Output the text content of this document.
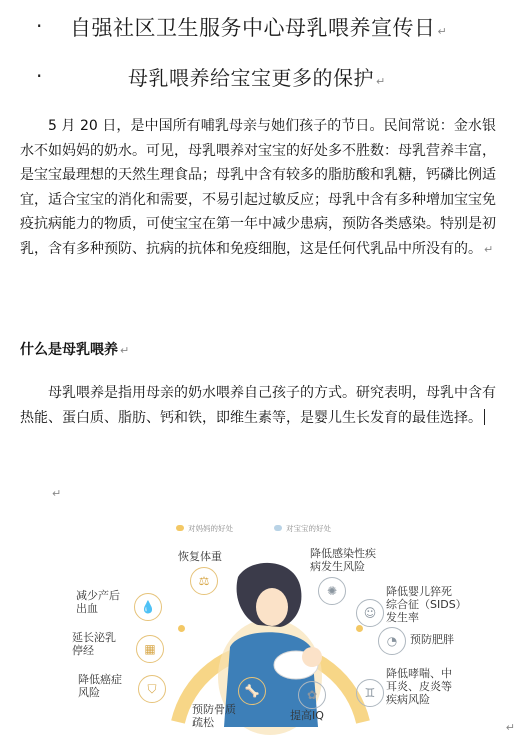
· 自强社区卫生服务中心母乳喂养宣传日 ↵
·	母乳喂养给宝宝更多的保护 ↵
5 月 20 日，是中国所有哺乳母亲与她们孩子的节日。民间常说：金水银水不如妈妈的奶水。可见，母乳喂养对宝宝的好处多不胜数：母乳营养丰富，是宝宝最理想的天然生理食品；母乳中含有较多的脂肪酸和乳糖，钙磷比例适宜，适合宝宝的消化和需要，不易引起过敏反应；母乳中含有多种增加宝宝免疫抗病能力的物质，可使宝宝在第一年中减少患病，预防各类感染。特别是初乳，含有多种预防、抗病的抗体和免疫细胞，这是任何代乳品中所没有的。 ↵
什么是母乳喂养 ↵
母乳喂养是指用母亲的奶水喂养自己孩子的方式。研究表明，母乳中含有热能、蛋白质、脂肪、钙和铁，即维生素等，是婴儿生长发育的最佳选择。
↵
对妈妈的好处	对宝宝的好处
恢复体重
⚖
减少产后
出血	💧
延长泌乳
停经	▦
降低癌症
风险	⛉
预防骨质
疏松
🦴
降低感染性疾
病发生风险
✺	降低婴儿猝死
综合征（SIDS）
发生率
☺
预防肥胖
◔
降低哮喘、中
耳炎、皮炎等
疾病风险
♊
提高IQ
✿
↵
